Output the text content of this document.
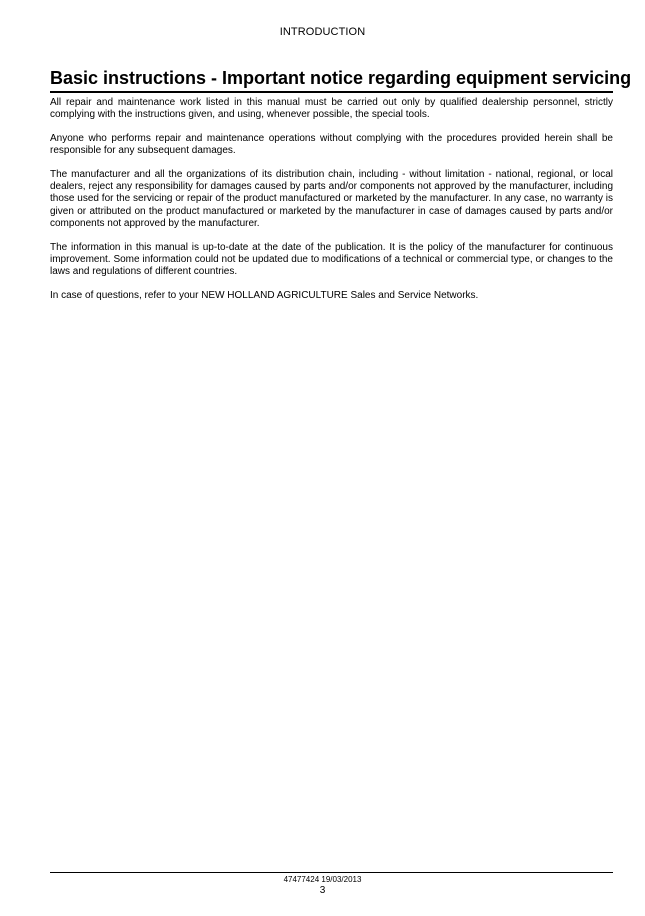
INTRODUCTION
Basic instructions - Important notice regarding equipment servicing

All repair and maintenance work listed in this manual must be carried out only by qualified dealership personnel, strictly complying with the instructions given, and using, whenever possible, the special tools.

Anyone who performs repair and maintenance operations without complying with the procedures provided herein shall be responsible for any subsequent damages.

The manufacturer and all the organizations of its distribution chain, including - without limitation - national, regional, or local dealers, reject any responsibility for damages caused by parts and/or components not approved by the manufacturer, including those used for the servicing or repair of the product manufactured or marketed by the manufacturer. In any case, no warranty is given or attributed on the product manufactured or marketed by the manufacturer in case of damages caused by parts and/or components not approved by the manufacturer.

The information in this manual is up-to-date at the date of the publication. It is the policy of the manufacturer for continuous improvement. Some information could not be updated due to modifications of a technical or commercial type, or changes to the laws and regulations of different countries.

In case of questions, refer to your NEW HOLLAND AGRICULTURE Sales and Service Networks.

47477424 19/03/2013
3
